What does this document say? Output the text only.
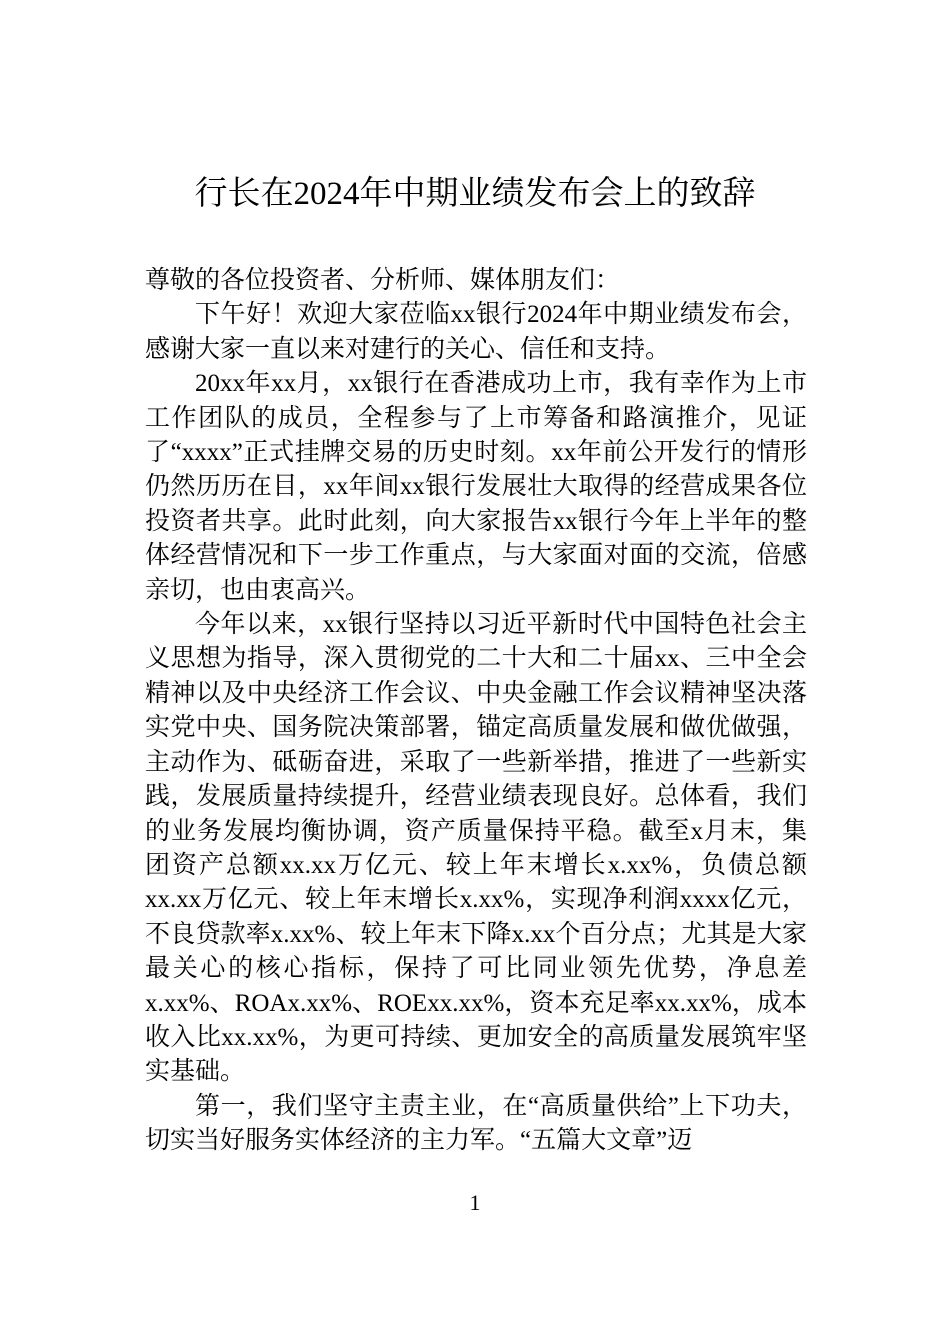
行长在2024年中期业绩发布会上的致辞

尊敬的各位投资者、分析师、媒体朋友们：

下午好！欢迎大家莅临xx银行2024年中期业绩发布会，感谢大家一直以来对建行的关心、信任和支持。

20xx年xx月，xx银行在香港成功上市，我有幸作为上市工作团队的成员，全程参与了上市筹备和路演推介，见证了“xxxx”正式挂牌交易的历史时刻。xx年前公开发行的情形仍然历历在目，xx年间xx银行发展壮大取得的经营成果各位投资者共享。此时此刻，向大家报告xx银行今年上半年的整体经营情况和下一步工作重点，与大家面对面的交流，倍感亲切，也由衷高兴。

今年以来，xx银行坚持以习近平新时代中国特色社会主义思想为指导，深入贯彻党的二十大和二十届xx、三中全会精神以及中央经济工作会议、中央金融工作会议精神坚决落实党中央、国务院决策部署，锚定高质量发展和做优做强，主动作为、砥砺奋进，采取了一些新举措，推进了一些新实践，发展质量持续提升，经营业绩表现良好。总体看，我们的业务发展均衡协调，资产质量保持平稳。截至x月末，集团资产总额xx.xx万亿元、较上年末增长x.xx%，负债总额xx.xx万亿元、较上年末增长x.xx%，实现净利润xxxx亿元，不良贷款率x.xx%、较上年末下降x.xx个百分点；尤其是大家最关心的核心指标，保持了可比同业领先优势，净息差x.xx%、ROAx.xx%、ROExx.xx%，资本充足率xx.xx%，成本收入比xx.xx%，为更可持续、更加安全的高质量发展筑牢坚实基础。

第一，我们坚守主责主业，在“高质量供给”上下功夫，切实当好服务实体经济的主力军。“五篇大文章”迈

1
